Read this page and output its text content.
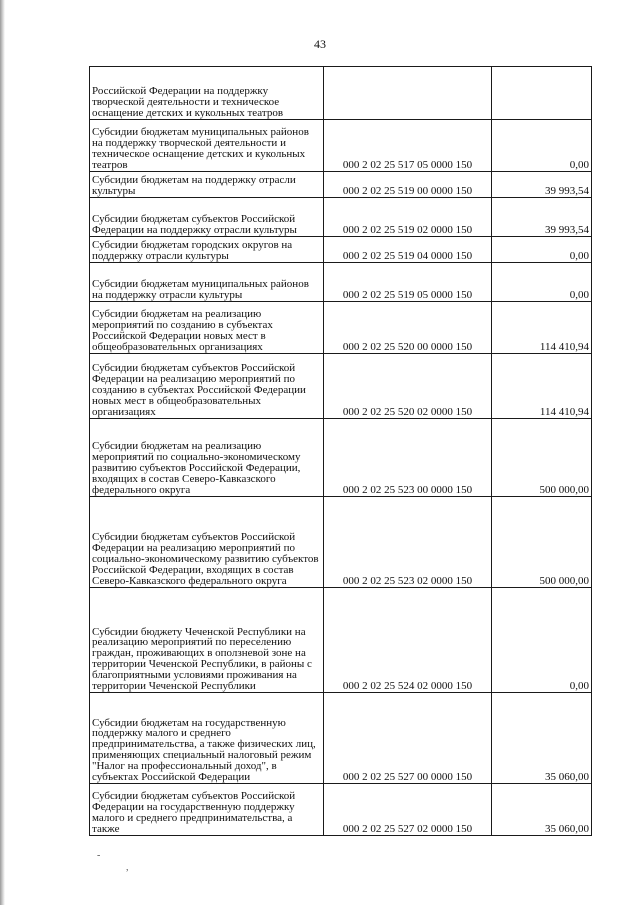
43
Российской Федерации на поддержку творческой деятельности и техническое оснащение детских и кукольных театров		
Субсидии бюджетам муниципальных районов на поддержку творческой деятельности и техническое оснащение детских и кукольных театров	000 2 02 25 517 05 0000 150	0,00
Субсидии бюджетам на поддержку отрасли культуры	000 2 02 25 519 00 0000 150	39 993,54
Субсидии бюджетам субъектов Российской Федерации на поддержку отрасли культуры	000 2 02 25 519 02 0000 150	39 993,54
Субсидии бюджетам городских округов на поддержку отрасли культуры	000 2 02 25 519 04 0000 150	0,00
Субсидии бюджетам муниципальных районов на поддержку отрасли культуры	000 2 02 25 519 05 0000 150	0,00
Субсидии бюджетам на реализацию мероприятий по созданию в субъектах Российской Федерации новых мест в общеобразовательных организациях	000 2 02 25 520 00 0000 150	114 410,94
Субсидии бюджетам субъектов Российской Федерации на реализацию мероприятий по созданию в субъектах Российской Федерации новых мест в общеобразовательных организациях	000 2 02 25 520 02 0000 150	114 410,94
Субсидии бюджетам на реализацию мероприятий по социально-экономическому развитию субъектов Российской Федерации, входящих в состав Северо-Кавказского федерального округа	000 2 02 25 523 00 0000 150	500 000,00
Субсидии бюджетам субъектов Российской Федерации на реализацию мероприятий по социально-экономическому развитию субъектов Российской Федерации, входящих в состав Северо-Кавказского федерального округа	000 2 02 25 523 02 0000 150	500 000,00
Субсидии бюджету Чеченской Республики на реализацию мероприятий по переселению граждан, проживающих в оползневой зоне на территории Чеченской Республики, в районы с благоприятными условиями проживания на территории Чеченской Республики	000 2 02 25 524 02 0000 150	0,00
Субсидии бюджетам на государственную поддержку малого и среднего предпринимательства, а также физических лиц, применяющих специальный налоговый режим "Налог на профессиональный доход", в субъектах Российской Федерации	000 2 02 25 527 00 0000 150	35 060,00
Субсидии бюджетам субъектов Российской Федерации на государственную поддержку малого и среднего предпринимательства, а также	000 2 02 25 527 02 0000 150	35 060,00
-
,
